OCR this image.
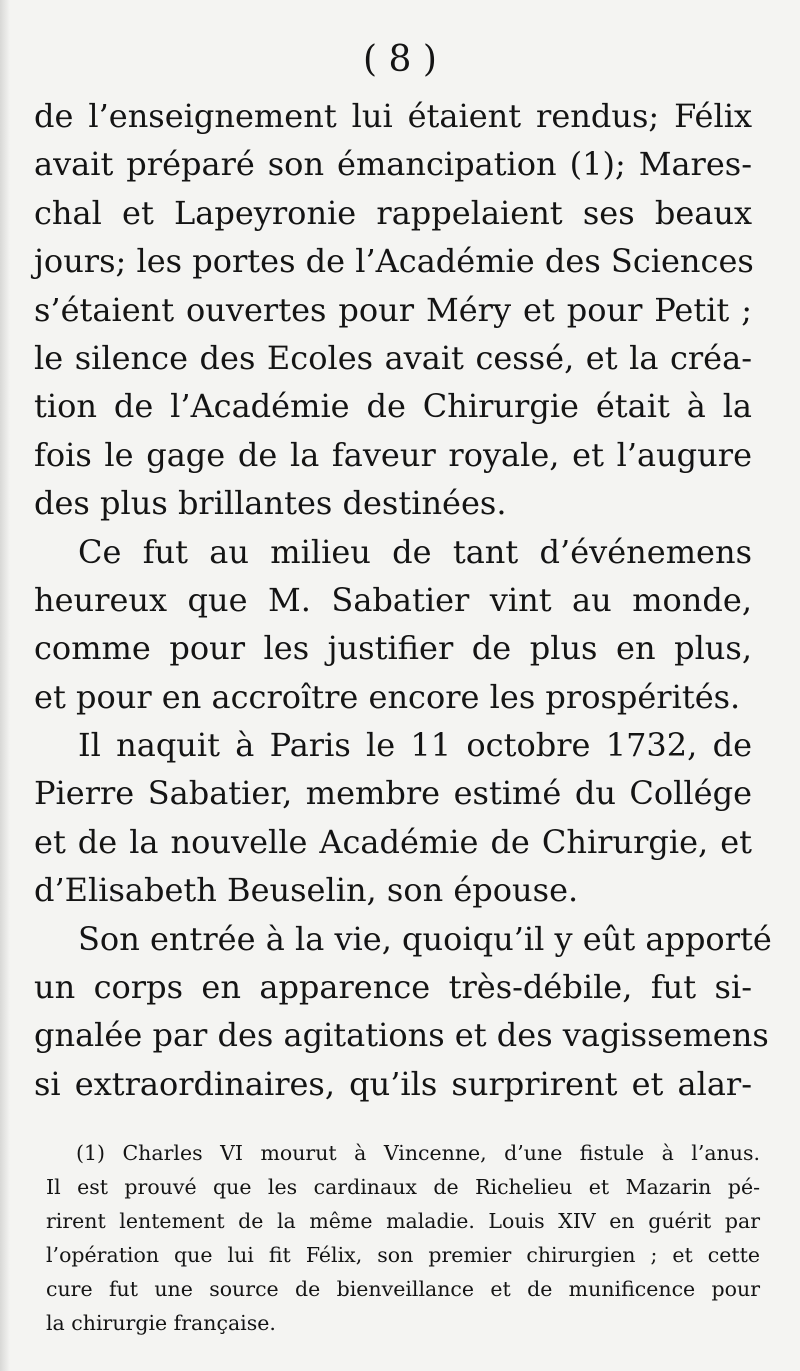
( 8 )
de l’enseignement lui étaient rendus; Félix
avait préparé son émancipation (1); Mares-
chal et Lapeyronie rappelaient ses beaux
jours; les portes de l’Académie des Sciences
s’étaient ouvertes pour Méry et pour Petit ;
le silence des Ecoles avait cessé, et la créa-
tion de l’Académie de Chirurgie était à la
fois le gage de la faveur royale, et l’augure
des plus brillantes destinées.
Ce fut au milieu de tant d’événemens
heureux que M. Sabatier vint au monde,
comme pour les justifier de plus en plus,
et pour en accroître encore les prospérités.
Il naquit à Paris le 11 octobre 1732, de
Pierre Sabatier, membre estimé du Collége
et de la nouvelle Académie de Chirurgie, et
d’Elisabeth Beuselin, son épouse.
Son entrée à la vie, quoiqu’il y eût apporté
un corps en apparence très-débile, fut si-
gnalée par des agitations et des vagissemens
si extraordinaires, qu’ils surprirent et alar-
(1) Charles VI mourut à Vincenne, d’une fistule à l’anus.
Il est prouvé que les cardinaux de Richelieu et Mazarin pé-
rirent lentement de la même maladie. Louis XIV en guérit par
l’opération que lui fit Félix, son premier chirurgien ; et cette
cure fut une source de bienveillance et de munificence pour
la chirurgie française.
